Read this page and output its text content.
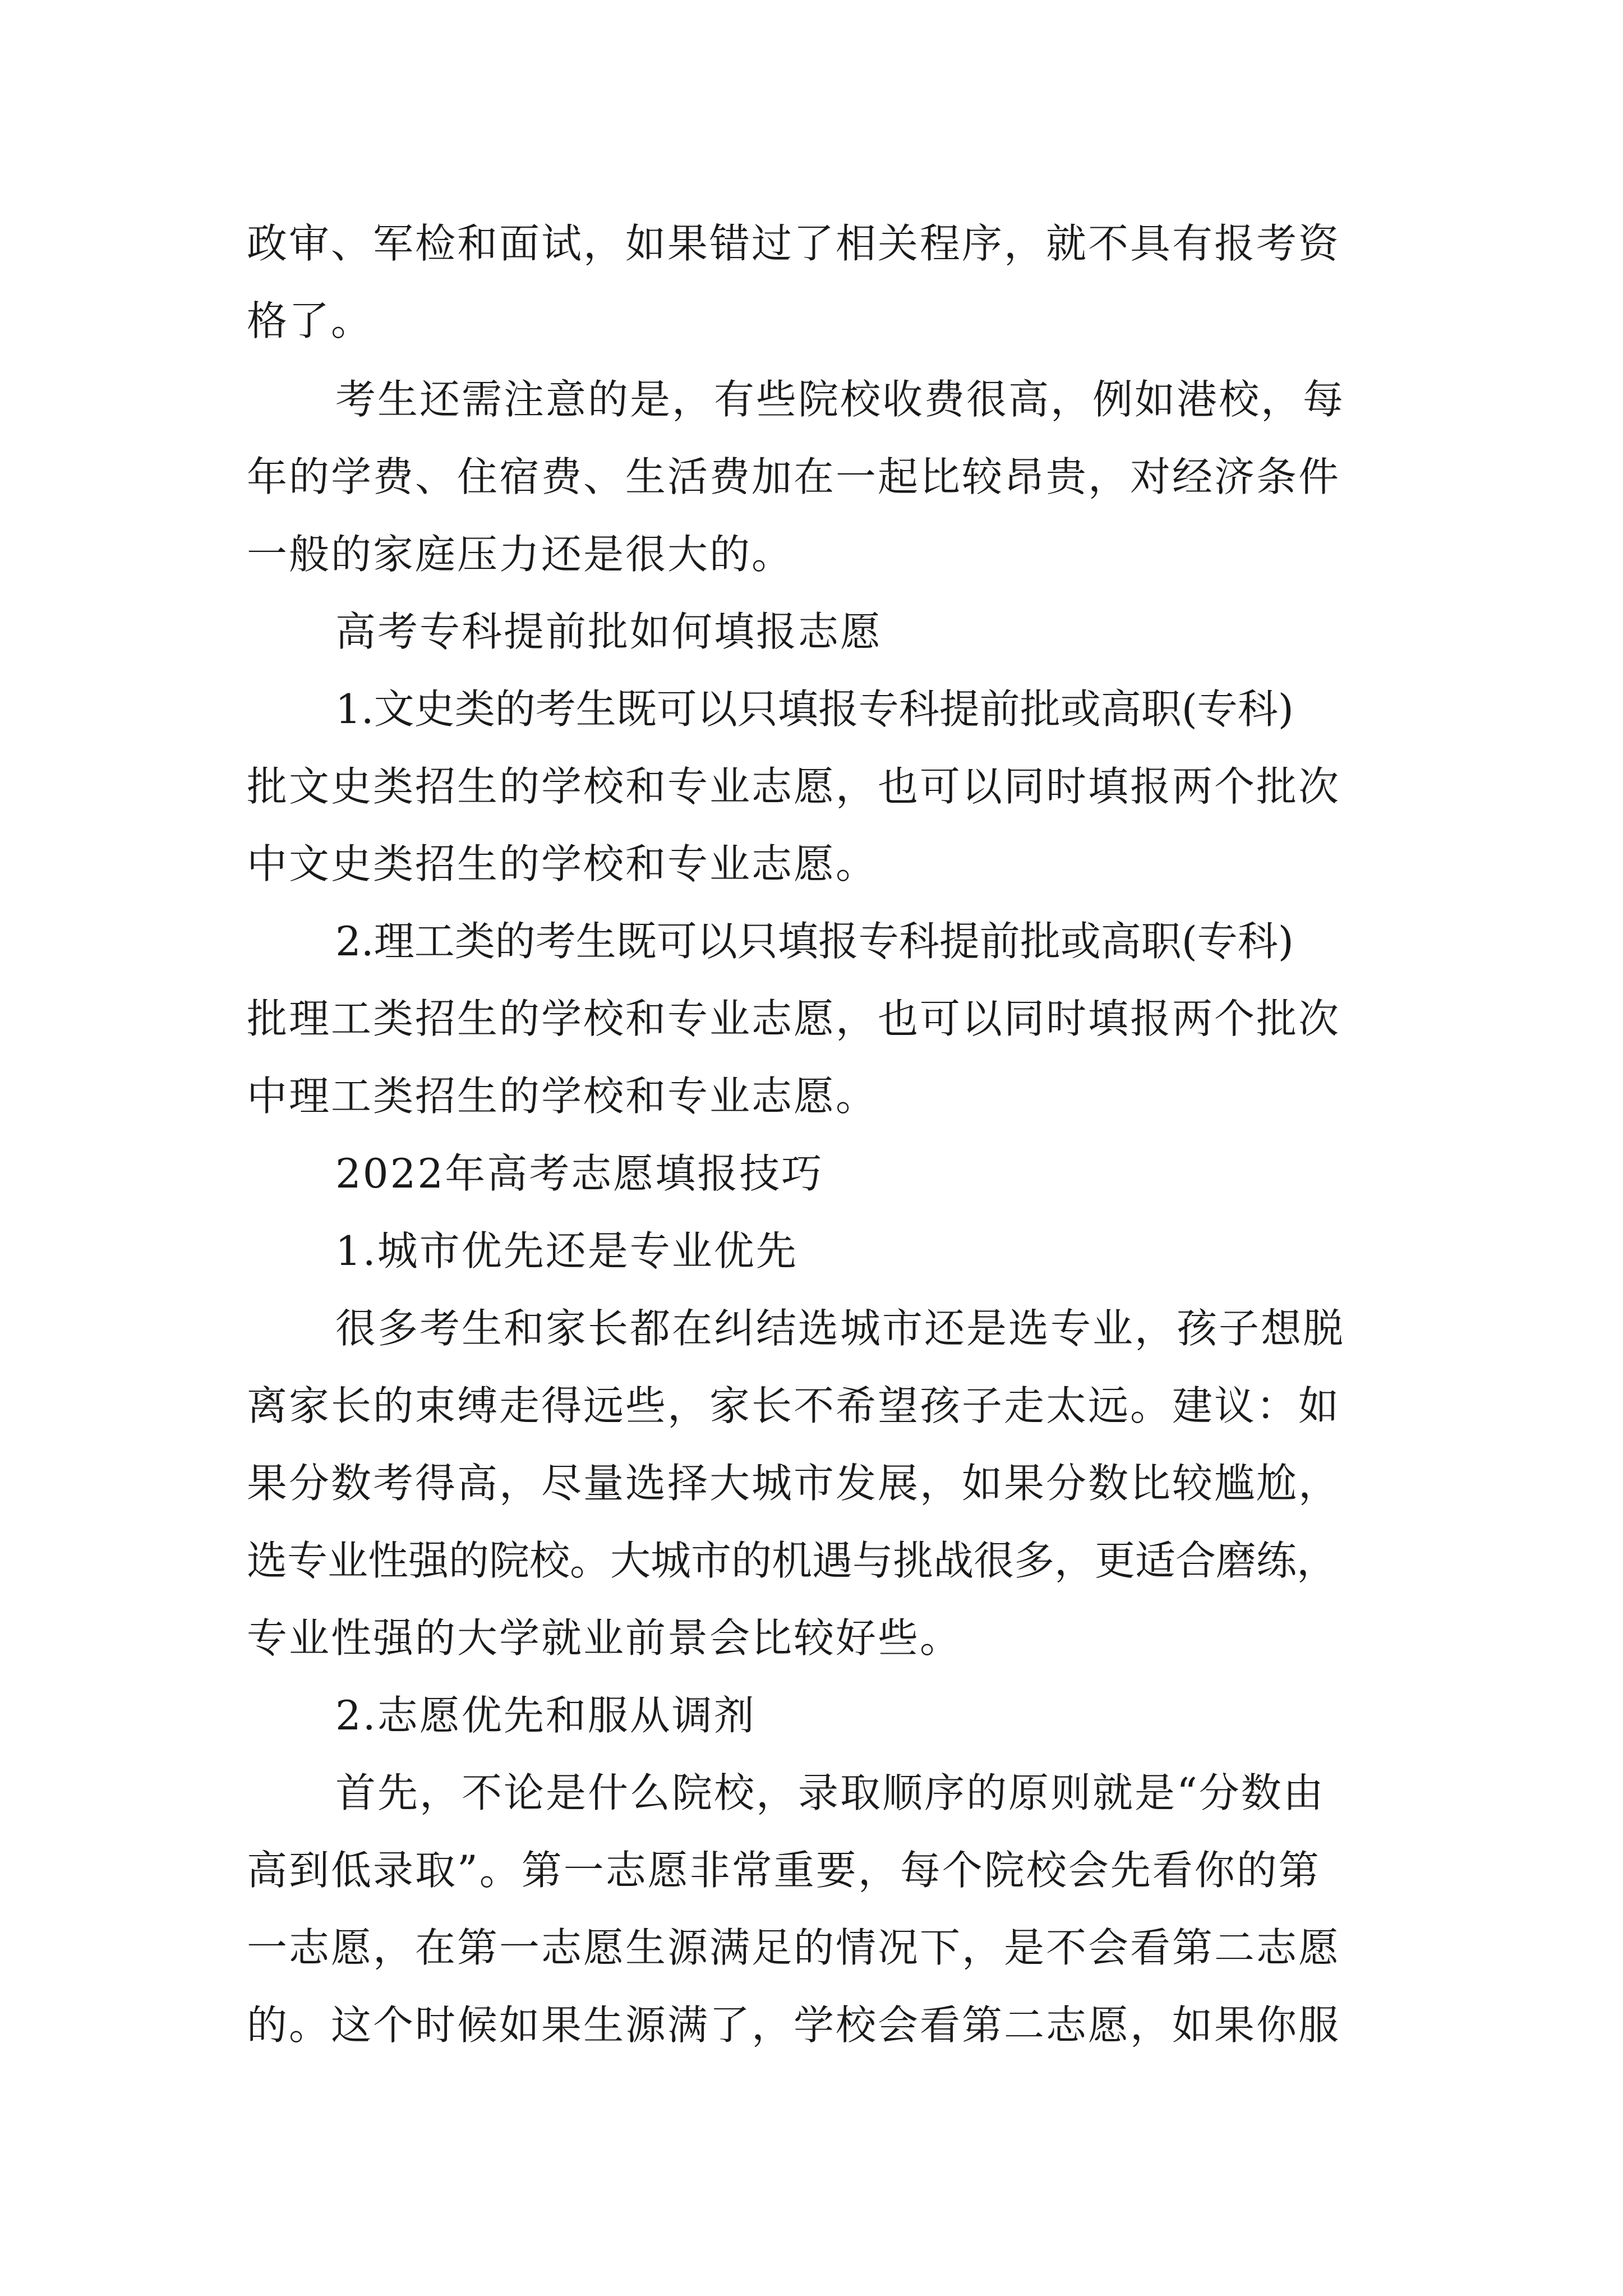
政审、军检和面试，如果错过了相关程序，就不具有报考资
格了。
考生还需注意的是，有些院校收费很高，例如港校，每
年的学费、住宿费、生活费加在一起比较昂贵，对经济条件
一般的家庭压力还是很大的。
高考专科提前批如何填报志愿
1.文史类的考生既可以只填报专科提前批或高职(专科)
批文史类招生的学校和专业志愿，也可以同时填报两个批次
中文史类招生的学校和专业志愿。
2.理工类的考生既可以只填报专科提前批或高职(专科)
批理工类招生的学校和专业志愿，也可以同时填报两个批次
中理工类招生的学校和专业志愿。
2022年高考志愿填报技巧
1.城市优先还是专业优先
很多考生和家长都在纠结选城市还是选专业，孩子想脱
离家长的束缚走得远些，家长不希望孩子走太远。建议：如
果分数考得高，尽量选择大城市发展，如果分数比较尴尬，
选专业性强的院校。大城市的机遇与挑战很多，更适合磨练，
专业性强的大学就业前景会比较好些。
2.志愿优先和服从调剂
首先，不论是什么院校，录取顺序的原则就是“分数由
高到低录取”。第一志愿非常重要，每个院校会先看你的第
一志愿，在第一志愿生源满足的情况下，是不会看第二志愿
的。这个时候如果生源满了，学校会看第二志愿，如果你服
